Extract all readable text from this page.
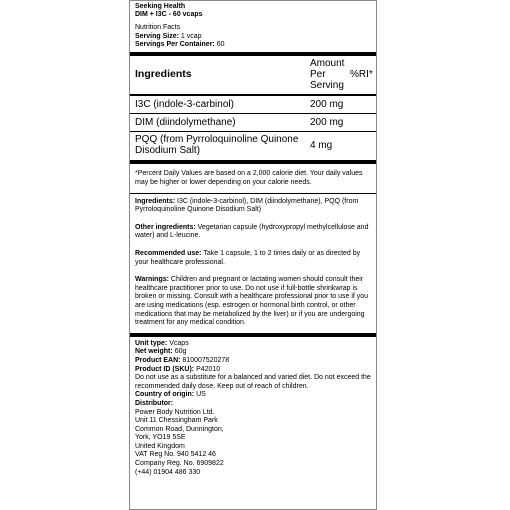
Seeking Health
DIM + I3C - 60 vcaps
Nutrition Facts
Serving Size: 1 vcap
Servings Per Container: 60
Ingredients
Amount Per Serving
%RI*
I3C (indole-3-carbinol)	200 mg
DIM (diindolymethane)	200 mg
PQQ (from Pyrroloquinoline Quinone Disodium Salt)
4 mg
*Percent Daily Values are based on a 2,000 calorie diet. Your daily values may be higher or lower depending on your calorie needs.
Ingredients: I3C (indole-3-carbinol), DIM (diindolymethane), PQQ (from Pyrroloquinoline Quinone Disodium Salt)
Other ingredients: Vegetarian capsule (hydroxypropyl methylcellulose and water) and L-leucine.
Recommended use: Take 1 capsule, 1 to 2 times daily or as directed by your healthcare professional.
Warnings: Children and pregnant or lactating women should consult their healthcare practitioner prior to use. Do not use if full-bottle shrinkwrap is broken or missing. Consult with a healthcare professional prior to use if you are using medications (esp. estrogen or hormonal birth control, or other medications that may be metabolized by the liver) or if you are undergoing treatment for any medical condition.
Unit type: Vcaps
Net weight: 60g
Product EAN: 810007520278
Product ID (SKU): P42010
Do not use as a substitute for a balanced and varied diet. Do not exceed the recommended daily dose. Keep out of reach of children.
Country of origin: US
Distributor:
Power Body Nutrition Ltd.
Unit 11 Chessingham Park
Common Road, Dunnington,
York, YO19 5SE
United Kingdom
VAT Reg No. 940 5412 46
Company Reg. No. 6909822
(+44) 01904 486 330
